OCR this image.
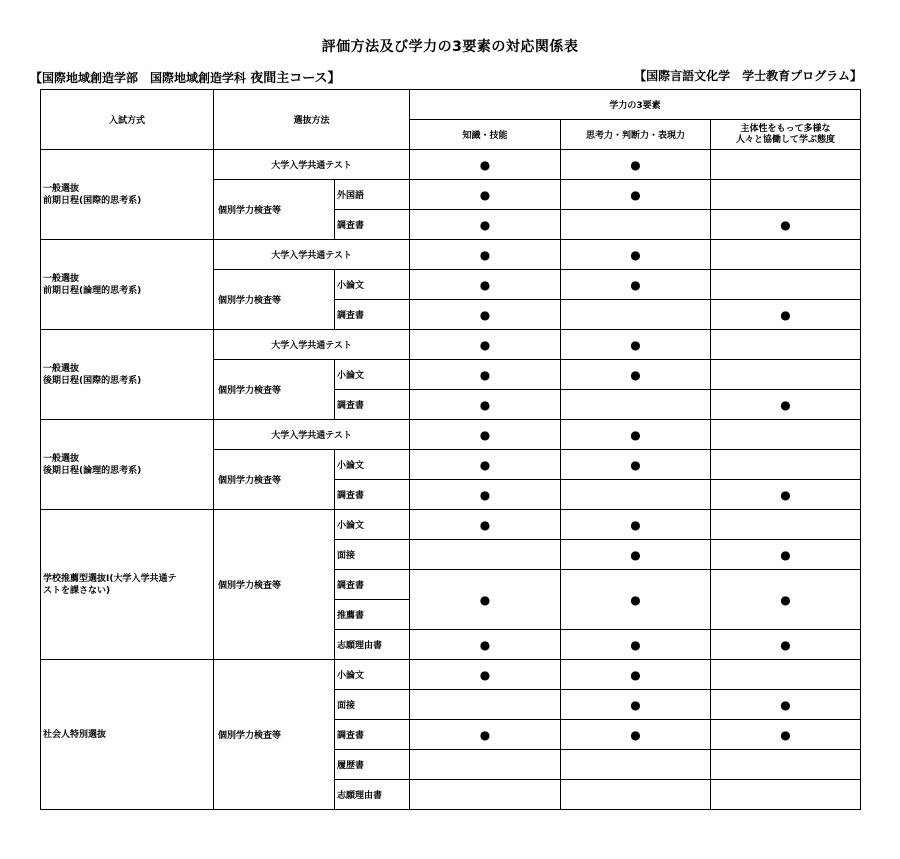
評価方法及び学力の3要素の対応関係表
【国際地域創造学部　国際地域創造学科 夜間主コース】	【国際言語文化学　学士教育プログラム】
入試方式	選抜方法		学力の3要素		
			知識・技能	思考力・判断力・表現力	主体性をもって多様な
人々と協働して学ぶ態度
一般選抜
前期日程(国際的思考系)	大学入学共通テスト		●	●	
	個別学力検査等	外国語	●	●	
		調査書	●		●
一般選抜
前期日程(論理的思考系)	大学入学共通テスト		●	●	
	個別学力検査等	小論文	●	●	
		調査書	●		●
一般選抜
後期日程(国際的思考系)	大学入学共通テスト		●	●	
	個別学力検査等	小論文	●	●	
		調査書	●		●
一般選抜
後期日程(論理的思考系)	大学入学共通テスト		●	●	
	個別学力検査等	小論文	●	●	
		調査書	●		●
学校推薦型選抜Ⅰ(大学入学共通テ
ストを課さない)	個別学力検査等	小論文	●	●	
		面接		●	●
		調査書	●	●	●
		推薦書			
		志願理由書	●	●	●
社会人特別選抜	個別学力検査等	小論文	●	●	
		面接		●	●
		調査書	●	●	●
		履歴書			
		志願理由書			
